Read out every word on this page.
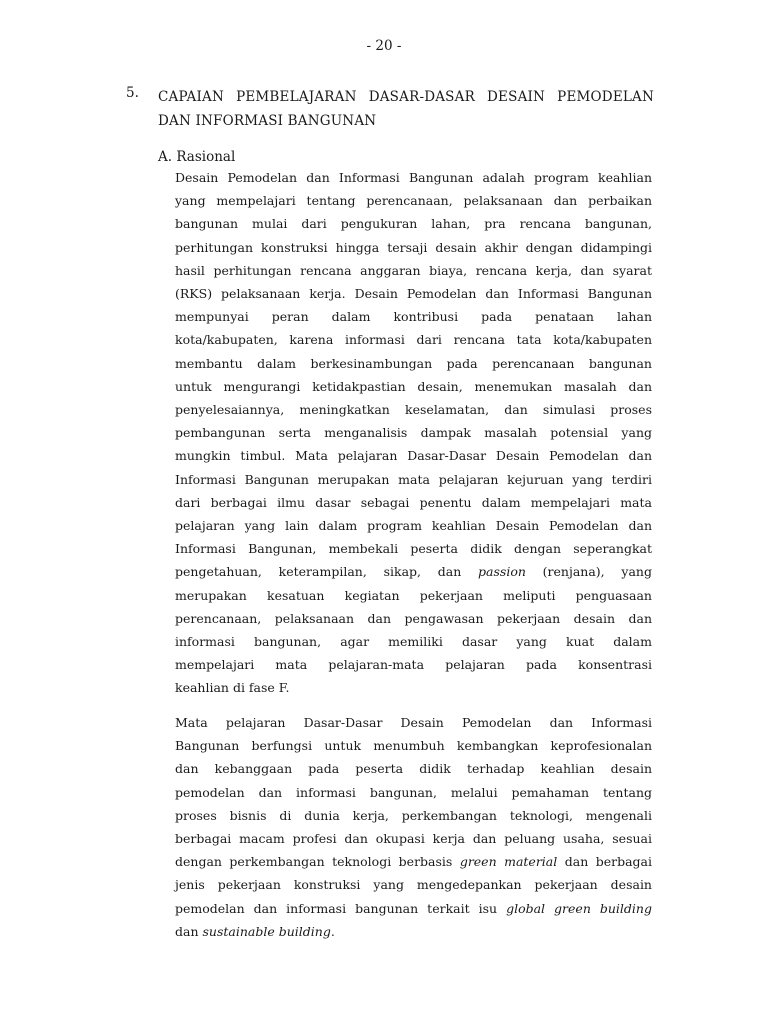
- 20 -
5. CAPAIAN PEMBELAJARAN DASAR-DASAR DESAIN PEMODELAN DAN INFORMASI BANGUNAN
A. Rasional
Desain Pemodelan dan Informasi Bangunan adalah program keahlian
yang mempelajari tentang perencanaan, pelaksanaan dan perbaikan
bangunan mulai dari pengukuran lahan, pra rencana bangunan,
perhitungan konstruksi hingga tersaji desain akhir dengan didampingi
hasil perhitungan rencana anggaran biaya, rencana kerja, dan syarat
(RKS) pelaksanaan kerja. Desain Pemodelan dan Informasi Bangunan
mempunyai peran dalam kontribusi pada penataan lahan
kota/kabupaten, karena informasi dari rencana tata kota/kabupaten
membantu dalam berkesinambungan pada perencanaan bangunan
untuk mengurangi ketidakpastian desain, menemukan masalah dan
penyelesaiannya, meningkatkan keselamatan, dan simulasi proses
pembangunan serta menganalisis dampak masalah potensial yang
mungkin timbul. Mata pelajaran Dasar-Dasar Desain Pemodelan dan
Informasi Bangunan merupakan mata pelajaran kejuruan yang terdiri
dari berbagai ilmu dasar sebagai penentu dalam mempelajari mata
pelajaran yang lain dalam program keahlian Desain Pemodelan dan
Informasi Bangunan, membekali peserta didik dengan seperangkat
pengetahuan, keterampilan, sikap, dan passion (renjana), yang
merupakan kesatuan kegiatan pekerjaan meliputi penguasaan
perencanaan, pelaksanaan dan pengawasan pekerjaan desain dan
informasi bangunan, agar memiliki dasar yang kuat dalam
mempelajari mata pelajaran-mata pelajaran pada konsentrasi
keahlian di fase F.
Mata pelajaran Dasar-Dasar Desain Pemodelan dan Informasi
Bangunan berfungsi untuk menumbuh kembangkan keprofesionalan
dan kebanggaan pada peserta didik terhadap keahlian desain
pemodelan dan informasi bangunan, melalui pemahaman tentang
proses bisnis di dunia kerja, perkembangan teknologi, mengenali
berbagai macam profesi dan okupasi kerja dan peluang usaha, sesuai
dengan perkembangan teknologi berbasis green material dan berbagai
jenis pekerjaan konstruksi yang mengedepankan pekerjaan desain
pemodelan dan informasi bangunan terkait isu global green building
dan sustainable building.
